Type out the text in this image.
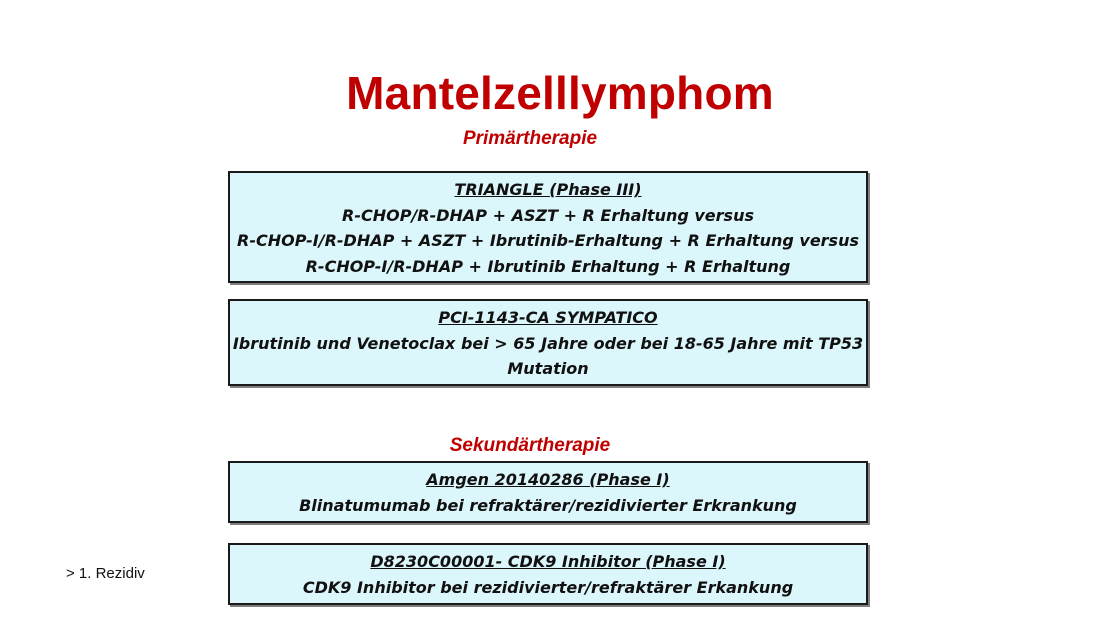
Mantelzelllymphom
Primärtherapie
TRIANGLE (Phase III)
R-CHOP/R-DHAP + ASZT + R Erhaltung versus
R-CHOP-I/R-DHAP + ASZT + Ibrutinib-Erhaltung + R Erhaltung versus
R-CHOP-I/R-DHAP + Ibrutinib Erhaltung + R Erhaltung
PCI-1143-CA SYMPATICO
Ibrutinib und Venetoclax bei > 65 Jahre oder bei 18-65 Jahre mit TP53
Mutation
Sekundärtherapie
Amgen 20140286 (Phase I)
Blinatumumab bei refraktärer/rezidivierter Erkrankung
D8230C00001- CDK9 Inhibitor (Phase I)
CDK9 Inhibitor bei rezidivierter/refraktärer Erkankung
> 1. Rezidiv
